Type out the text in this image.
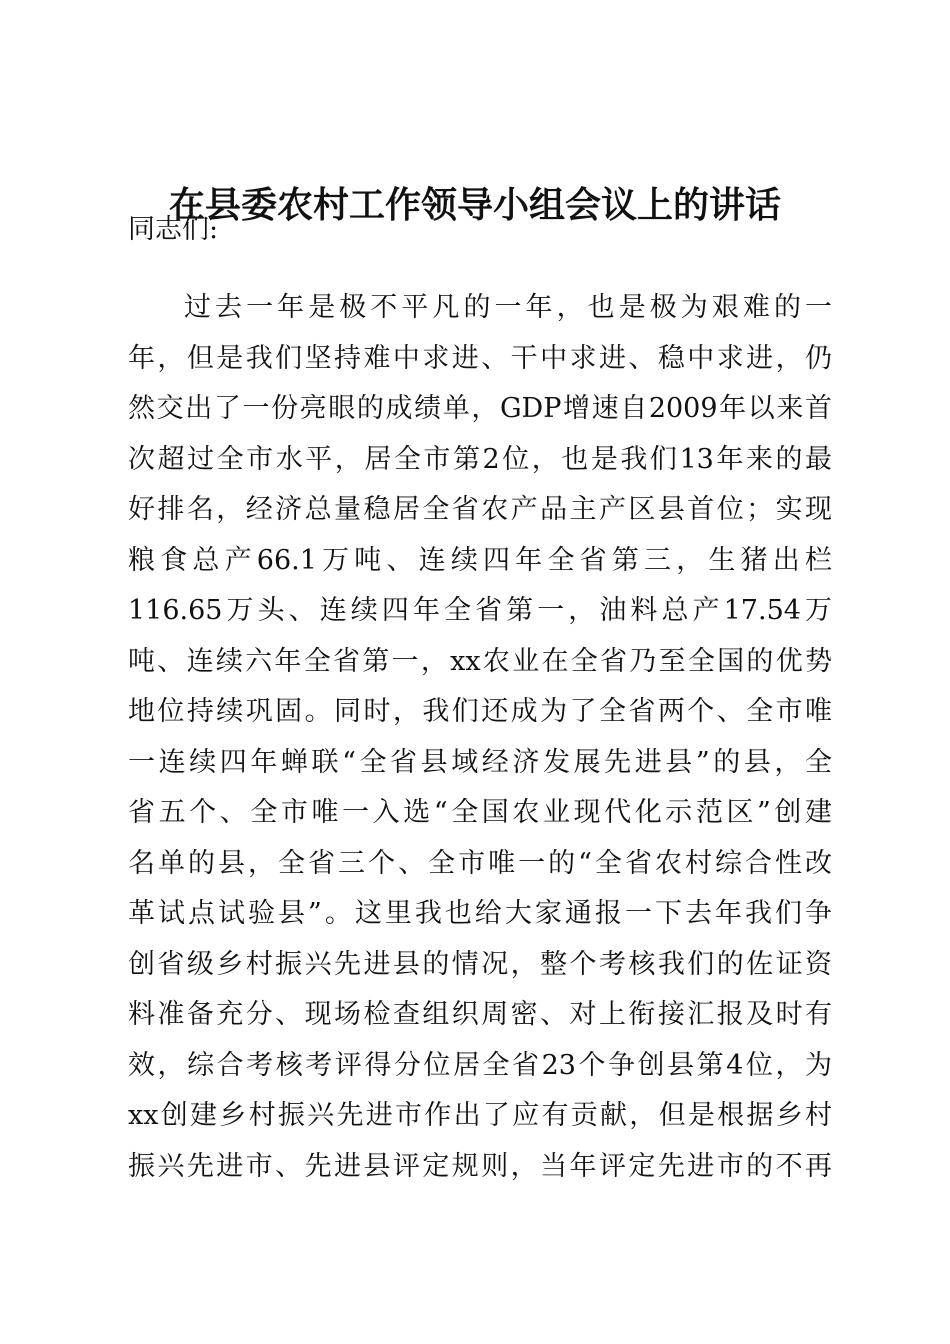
在县委农村工作领导小组会议上的讲话
同志们:
过去一年是极不平凡的一年，也是极为艰难的一
年，但是我们坚持难中求进、干中求进、稳中求进，仍
然交出了一份亮眼的成绩单，GDP增速自2009年以来首
次超过全市水平，居全市第2位，也是我们13年来的最
好排名，经济总量稳居全省农产品主产区县首位；实现
粮食总产66.1万吨、连续四年全省第三，生猪出栏
116.65万头、连续四年全省第一，油料总产17.54万
吨、连续六年全省第一，xx农业在全省乃至全国的优势
地位持续巩固。同时，我们还成为了全省两个、全市唯
一连续四年蝉联“全省县域经济发展先进县”的县，全
省五个、全市唯一入选“全国农业现代化示范区”创建
名单的县，全省三个、全市唯一的“全省农村综合性改
革试点试验县”。这里我也给大家通报一下去年我们争
创省级乡村振兴先进县的情况，整个考核我们的佐证资
料准备充分、现场检查组织周密、对上衔接汇报及时有
效，综合考核考评得分位居全省23个争创县第4位，为
xx创建乡村振兴先进市作出了应有贡献，但是根据乡村
振兴先进市、先进县评定规则，当年评定先进市的不再
